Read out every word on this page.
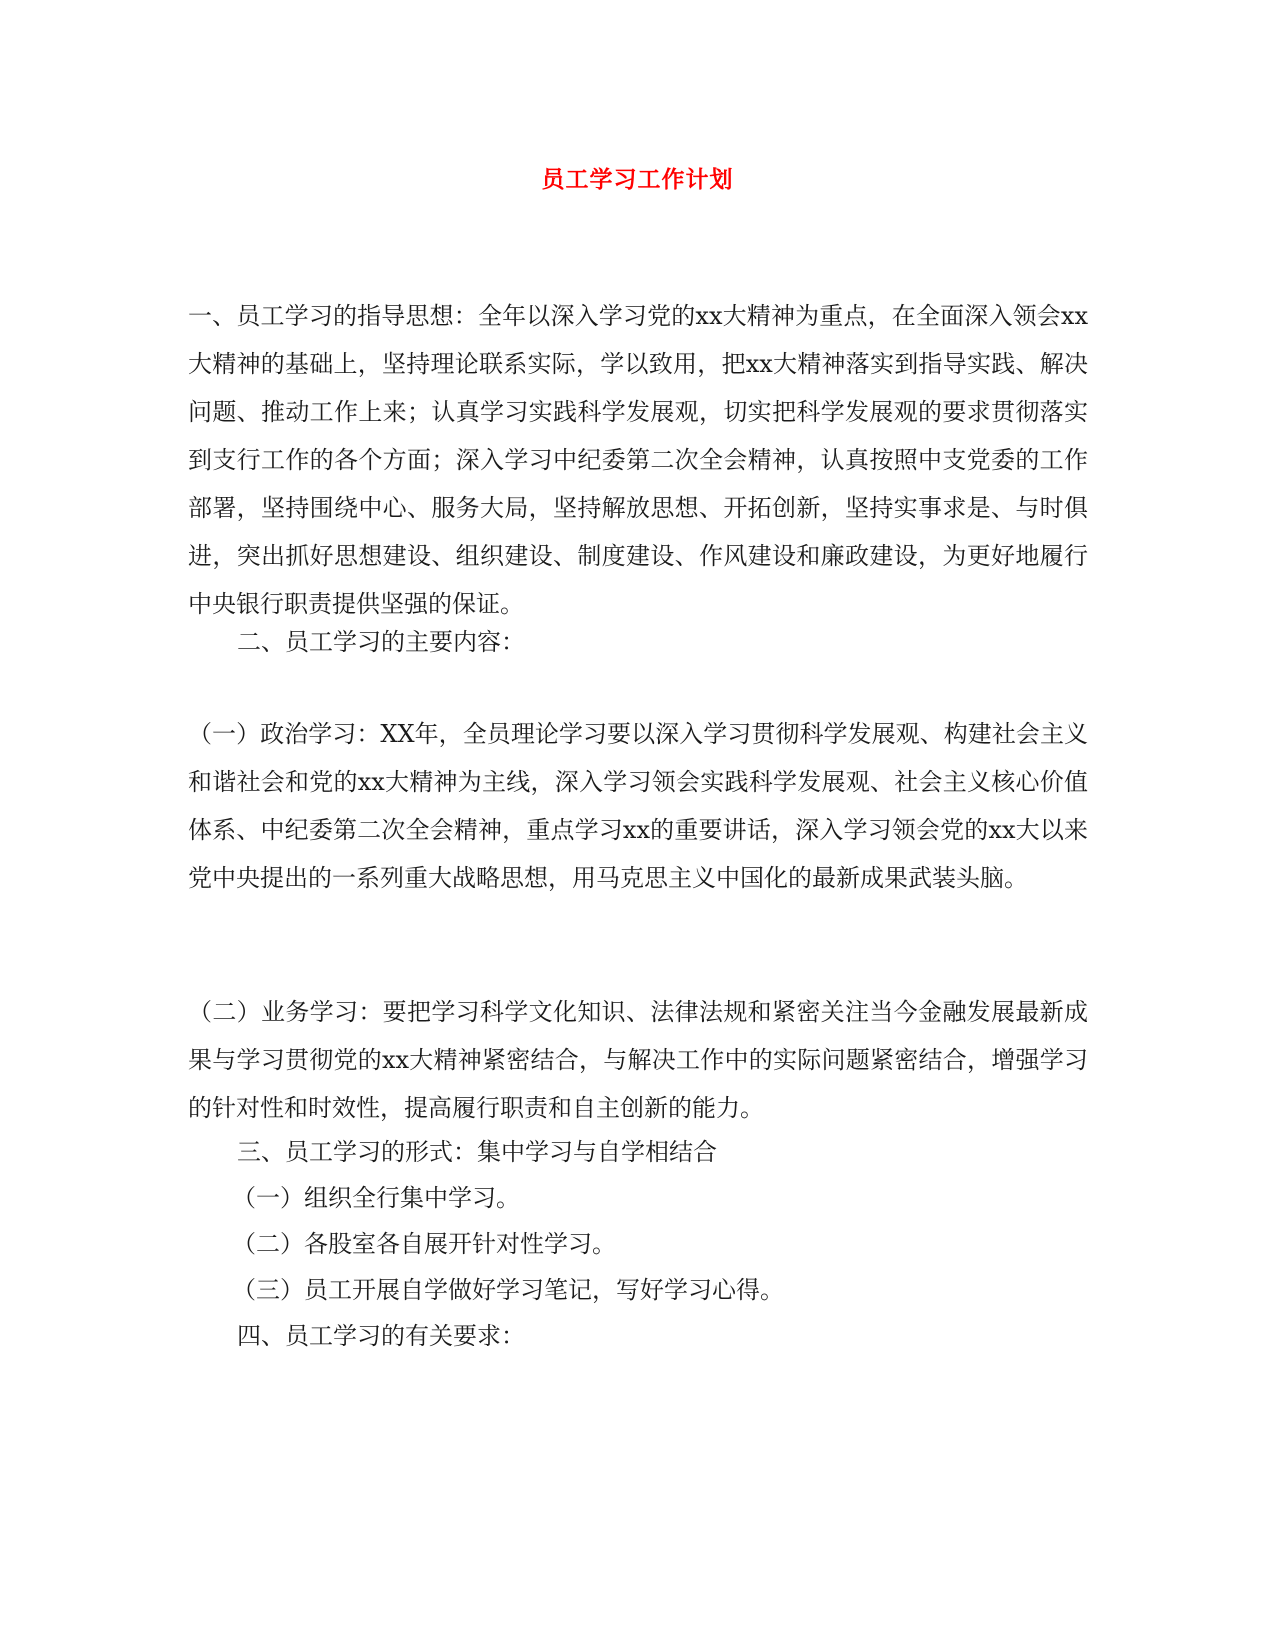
员工学习工作计划
一、员工学习的指导思想：全年以深入学习党的xx大精神为重点，在全面深入领会xx大精神的基础上，坚持理论联系实际，学以致用，把xx大精神落实到指导实践、解决问题、推动工作上来；认真学习实践科学发展观，切实把科学发展观的要求贯彻落实到支行工作的各个方面；深入学习中纪委第二次全会精神，认真按照中支党委的工作部署，坚持围绕中心、服务大局，坚持解放思想、开拓创新，坚持实事求是、与时俱进，突出抓好思想建设、组织建设、制度建设、作风建设和廉政建设，为更好地履行中央银行职责提供坚强的保证。
二、员工学习的主要内容：
（一）政治学习：XX年，全员理论学习要以深入学习贯彻科学发展观、构建社会主义和谐社会和党的xx大精神为主线，深入学习领会实践科学发展观、社会主义核心价值体系、中纪委第二次全会精神，重点学习xx的重要讲话，深入学习领会党的xx大以来党中央提出的一系列重大战略思想，用马克思主义中国化的最新成果武装头脑。
（二）业务学习：要把学习科学文化知识、法律法规和紧密关注当今金融发展最新成果与学习贯彻党的xx大精神紧密结合，与解决工作中的实际问题紧密结合，增强学习的针对性和时效性，提高履行职责和自主创新的能力。
三、员工学习的形式：集中学习与自学相结合
（一）组织全行集中学习。
（二）各股室各自展开针对性学习。
（三）员工开展自学做好学习笔记，写好学习心得。
四、员工学习的有关要求：
